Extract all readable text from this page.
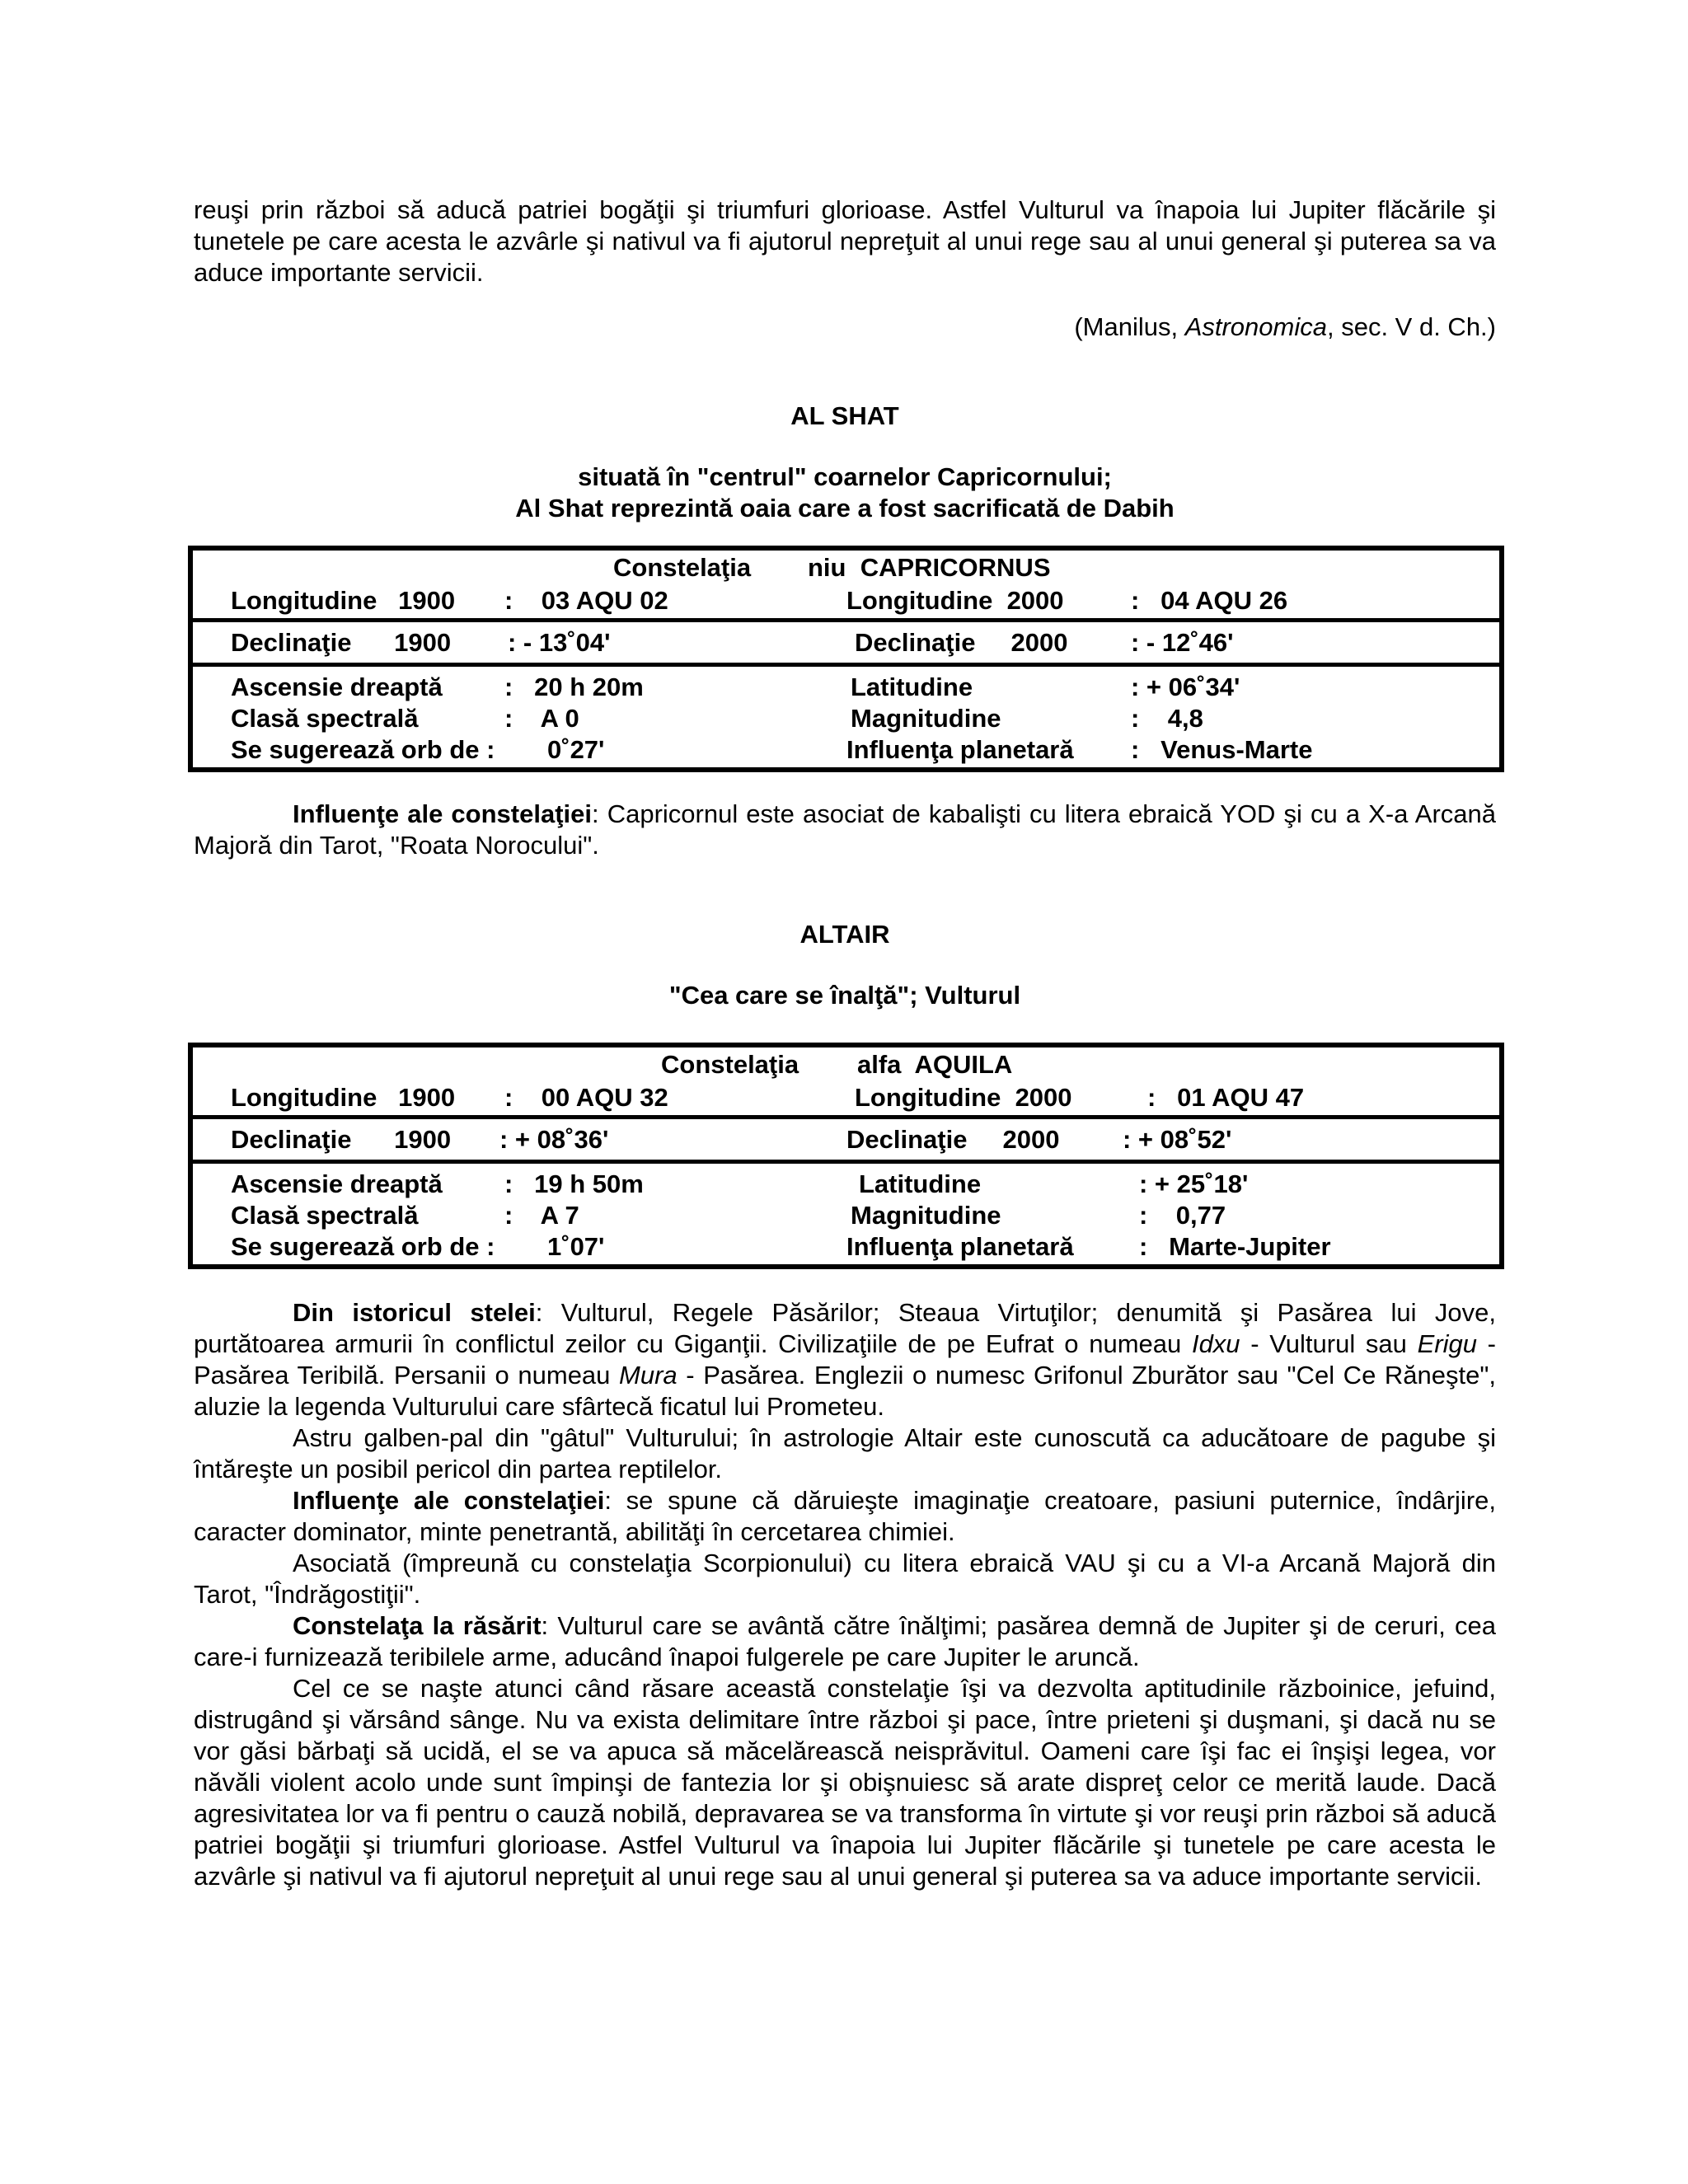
reuşi prin război să aducă patriei bogăţii şi triumfuri glorioase. Astfel Vulturul va înapoia lui Jupiter flăcările şi tunetele pe care acesta le azvârle şi nativul va fi ajutorul nepreţuit al unui rege sau al unui general şi puterea sa va aduce importante servicii.

(Manilus, Astronomica, sec. V d. Ch.)
AL SHAT
situată în "centrul" coarnelor Capricornului;
Al Shat reprezintă oaia care a fost sacrificată de Dabih
Constelaţia niu  CAPRICORNUS
Longitudine   1900 :    03 AQU 02	Longitudine  2000	:   04 AQU 26
Declinaţie      1900 : - 13˚04ʹ	Declinaţie     2000 : - 12˚46ʹ
Ascensie dreaptă :   20 h 20m	Latitudine	: + 06˚34ʹ
Clasă spectrală	:    A 0	Magnitudine	:    4,8
Se sugerează orb de : 0˚27ʹ	Influenţa planetară :   Venus-Marte

Influenţe ale constelaţiei: Capricornul este asociat de kabalişti cu litera ebraică YOD şi cu a X-a Arcană Majoră din Tarot, "Roata Norocului".

ALTAIR
"Cea care se înalţă"; Vulturul
Constelaţia alfa  AQUILA
Longitudine   1900 :    00 AQU 32	Longitudine  2000	:   01 AQU 47
Declinaţie      1900 : + 08˚36ʹ	Declinaţie     2000 : + 08˚52ʹ
Ascensie dreaptă :   19 h 50m	Latitudine	: + 25˚18ʹ
Clasă spectrală	:    A 7	Magnitudine	:    0,77
Se sugerează orb de : 1˚07ʹ	Influenţa planetară	:   Marte-Jupiter

Din istoricul stelei: Vulturul, Regele Păsărilor; Steaua Virtuţilor; denumită şi Pasărea lui Jove, purtătoarea armurii în conflictul zeilor cu Giganţii. Civilizaţiile de pe Eufrat o numeau Idxu - Vulturul sau Erigu - Pasărea Teribilă. Persanii o numeau Mura - Pasărea. Englezii o numesc Grifonul Zburător sau "Cel Ce Răneşte", aluzie la legenda Vulturului care sfârtecă ficatul lui Prometeu.

Astru galben-pal din "gâtul" Vulturului; în astrologie Altair este cunoscută ca aducătoare de pagube şi întăreşte un posibil pericol din partea reptilelor.

Influenţe ale constelaţiei: se spune că dăruieşte imaginaţie creatoare, pasiuni puternice, îndârjire, caracter dominator, minte penetrantă, abilităţi în cercetarea chimiei.

Asociată (împreună cu constelaţia Scorpionului) cu litera ebraică VAU şi cu a VI-a Arcană Majoră din Tarot, "Îndrăgostiţii".

Constelaţa la răsărit: Vulturul care se avântă către înălţimi; pasărea demnă de Jupiter şi de ceruri, cea care-i furnizează teribilele arme, aducând înapoi fulgerele pe care Jupiter le aruncă.

Cel ce se naşte atunci când răsare această constelaţie îşi va dezvolta aptitudinile războinice, jefuind, distrugând şi vărsând sânge. Nu va exista delimitare între război şi pace, între prieteni şi duşmani, şi dacă nu se vor găsi bărbaţi să ucidă, el se va apuca să măcelărească neisprăvitul. Oameni care îşi fac ei înşişi legea, vor năvăli violent acolo unde sunt împinşi de fantezia lor şi obişnuiesc să arate dispreţ celor ce merită laude. Dacă agresivitatea lor va fi pentru o cauză nobilă, depravarea se va transforma în virtute şi vor reuşi prin război să aducă patriei bogăţii şi triumfuri glorioase. Astfel Vulturul va înapoia lui Jupiter flăcările şi tunetele pe care acesta le azvârle şi nativul va fi ajutorul nepreţuit al unui rege sau al unui general şi puterea sa va aduce importante servicii.
